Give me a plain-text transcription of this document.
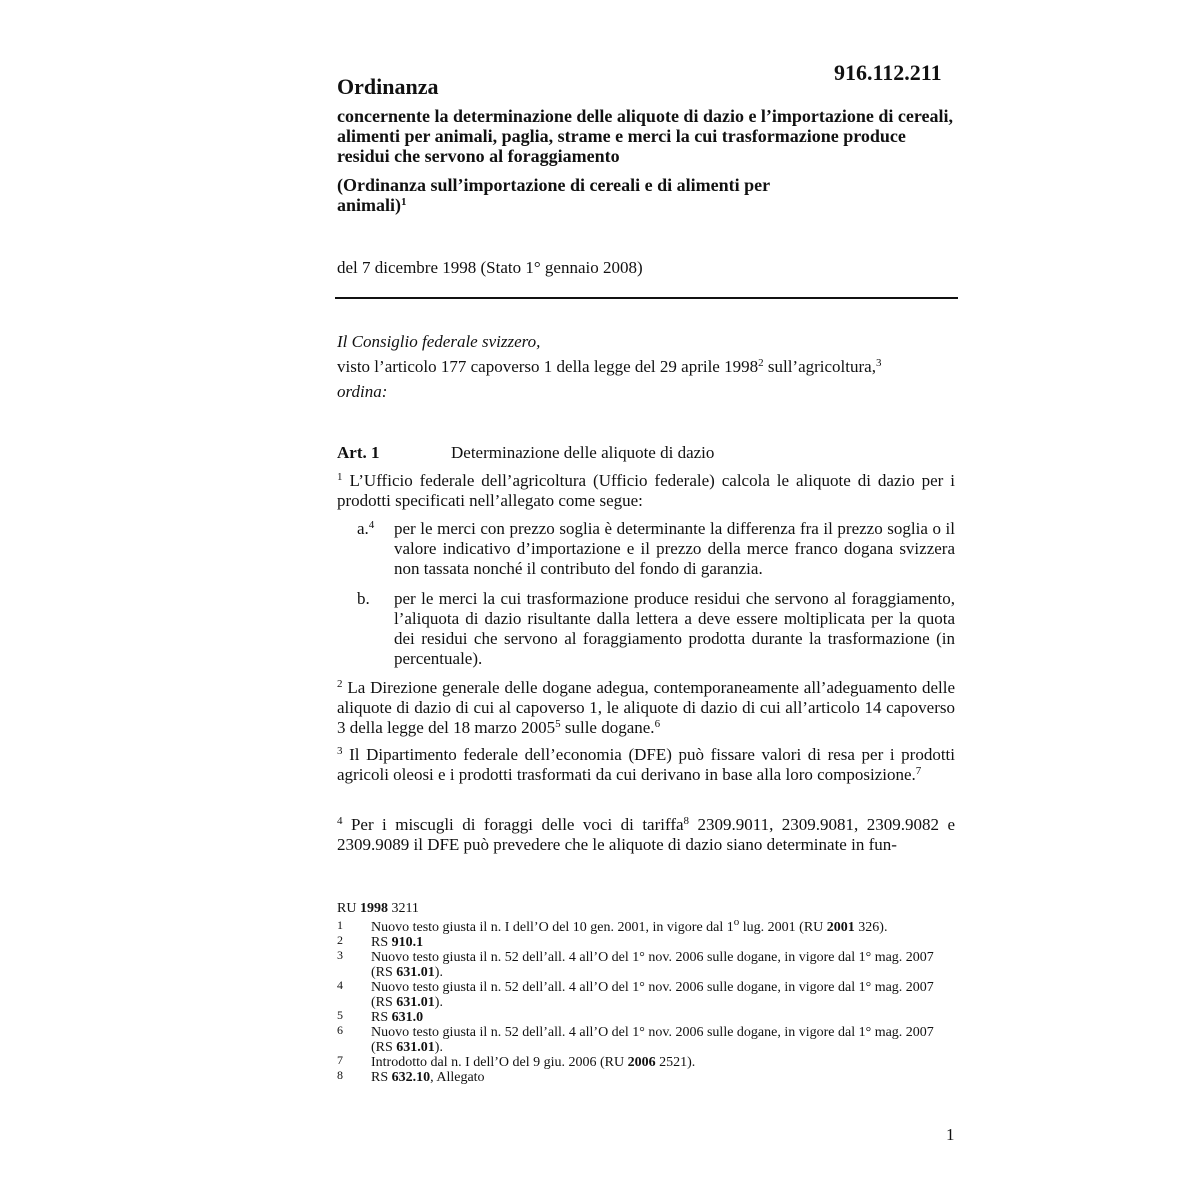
916.112.211
Ordinanza
concernente la determinazione delle aliquote di dazio e l’importazione di cereali, alimenti per animali, paglia, strame e merci la cui trasformazione produce residui che servono al foraggiamento
(Ordinanza sull’importazione di cereali e di alimenti per animali)$^1$
del 7 dicembre 1998 (Stato 1° gennaio 2008)
Il Consiglio federale svizzero,
visto l’articolo 177 capoverso 1 della legge del 29 aprile 1998$^2$ sull’agricoltura,$^3$
ordina:
Art. 1	Determinazione delle aliquote di dazio
$^1$ L’Ufficio federale dell’agricoltura (Ufficio federale) calcola le aliquote di dazio per i prodotti specificati nell’allegato come segue:
a.$^4$ per le merci con prezzo soglia è determinante la differenza fra il prezzo soglia o il valore indicativo d’importazione e il prezzo della merce franco dogana svizzera non tassata nonché il contributo del fondo di garanzia.
b. per le merci la cui trasformazione produce residui che servono al foraggiamento, l’aliquota di dazio risultante dalla lettera a deve essere moltiplicata per la quota dei residui che servono al foraggiamento prodotta durante la trasformazione (in percentuale).
$^2$ La Direzione generale delle dogane adegua, contemporaneamente all’adeguamento delle aliquote di dazio di cui al capoverso 1, le aliquote di dazio di cui all’articolo 14 capoverso 3 della legge del 18 marzo 2005$^5$ sulle dogane.$^6$
$^3$ Il Dipartimento federale dell’economia (DFE) può fissare valori di resa per i prodotti agricoli oleosi e i prodotti trasformati da cui derivano in base alla loro composizione.$^7$
$^4$ Per i miscugli di foraggi delle voci di tariffa$^8$ 2309.9011, 2309.9081, 2309.9082 e 2309.9089 il DFE può prevedere che le aliquote di dazio siano determinate in fun-
RU 1998 3211
1 Nuovo testo giusta il n. I dell’O del 10 gen. 2001, in vigore dal 1$^o$ lug. 2001 (RU 2001 326).
2 RS 910.1
3 Nuovo testo giusta il n. 52 dell’all. 4 all’O del 1° nov. 2006 sulle dogane, in vigore dal 1° mag. 2007 (RS 631.01).
4 Nuovo testo giusta il n. 52 dell’all. 4 all’O del 1° nov. 2006 sulle dogane, in vigore dal 1° mag. 2007 (RS 631.01).
5 RS 631.0
6 Nuovo testo giusta il n. 52 dell’all. 4 all’O del 1° nov. 2006 sulle dogane, in vigore dal 1° mag. 2007 (RS 631.01).
7 Introdotto dal n. I dell’O del 9 giu. 2006 (RU 2006 2521).
8 RS 632.10, Allegato
1
